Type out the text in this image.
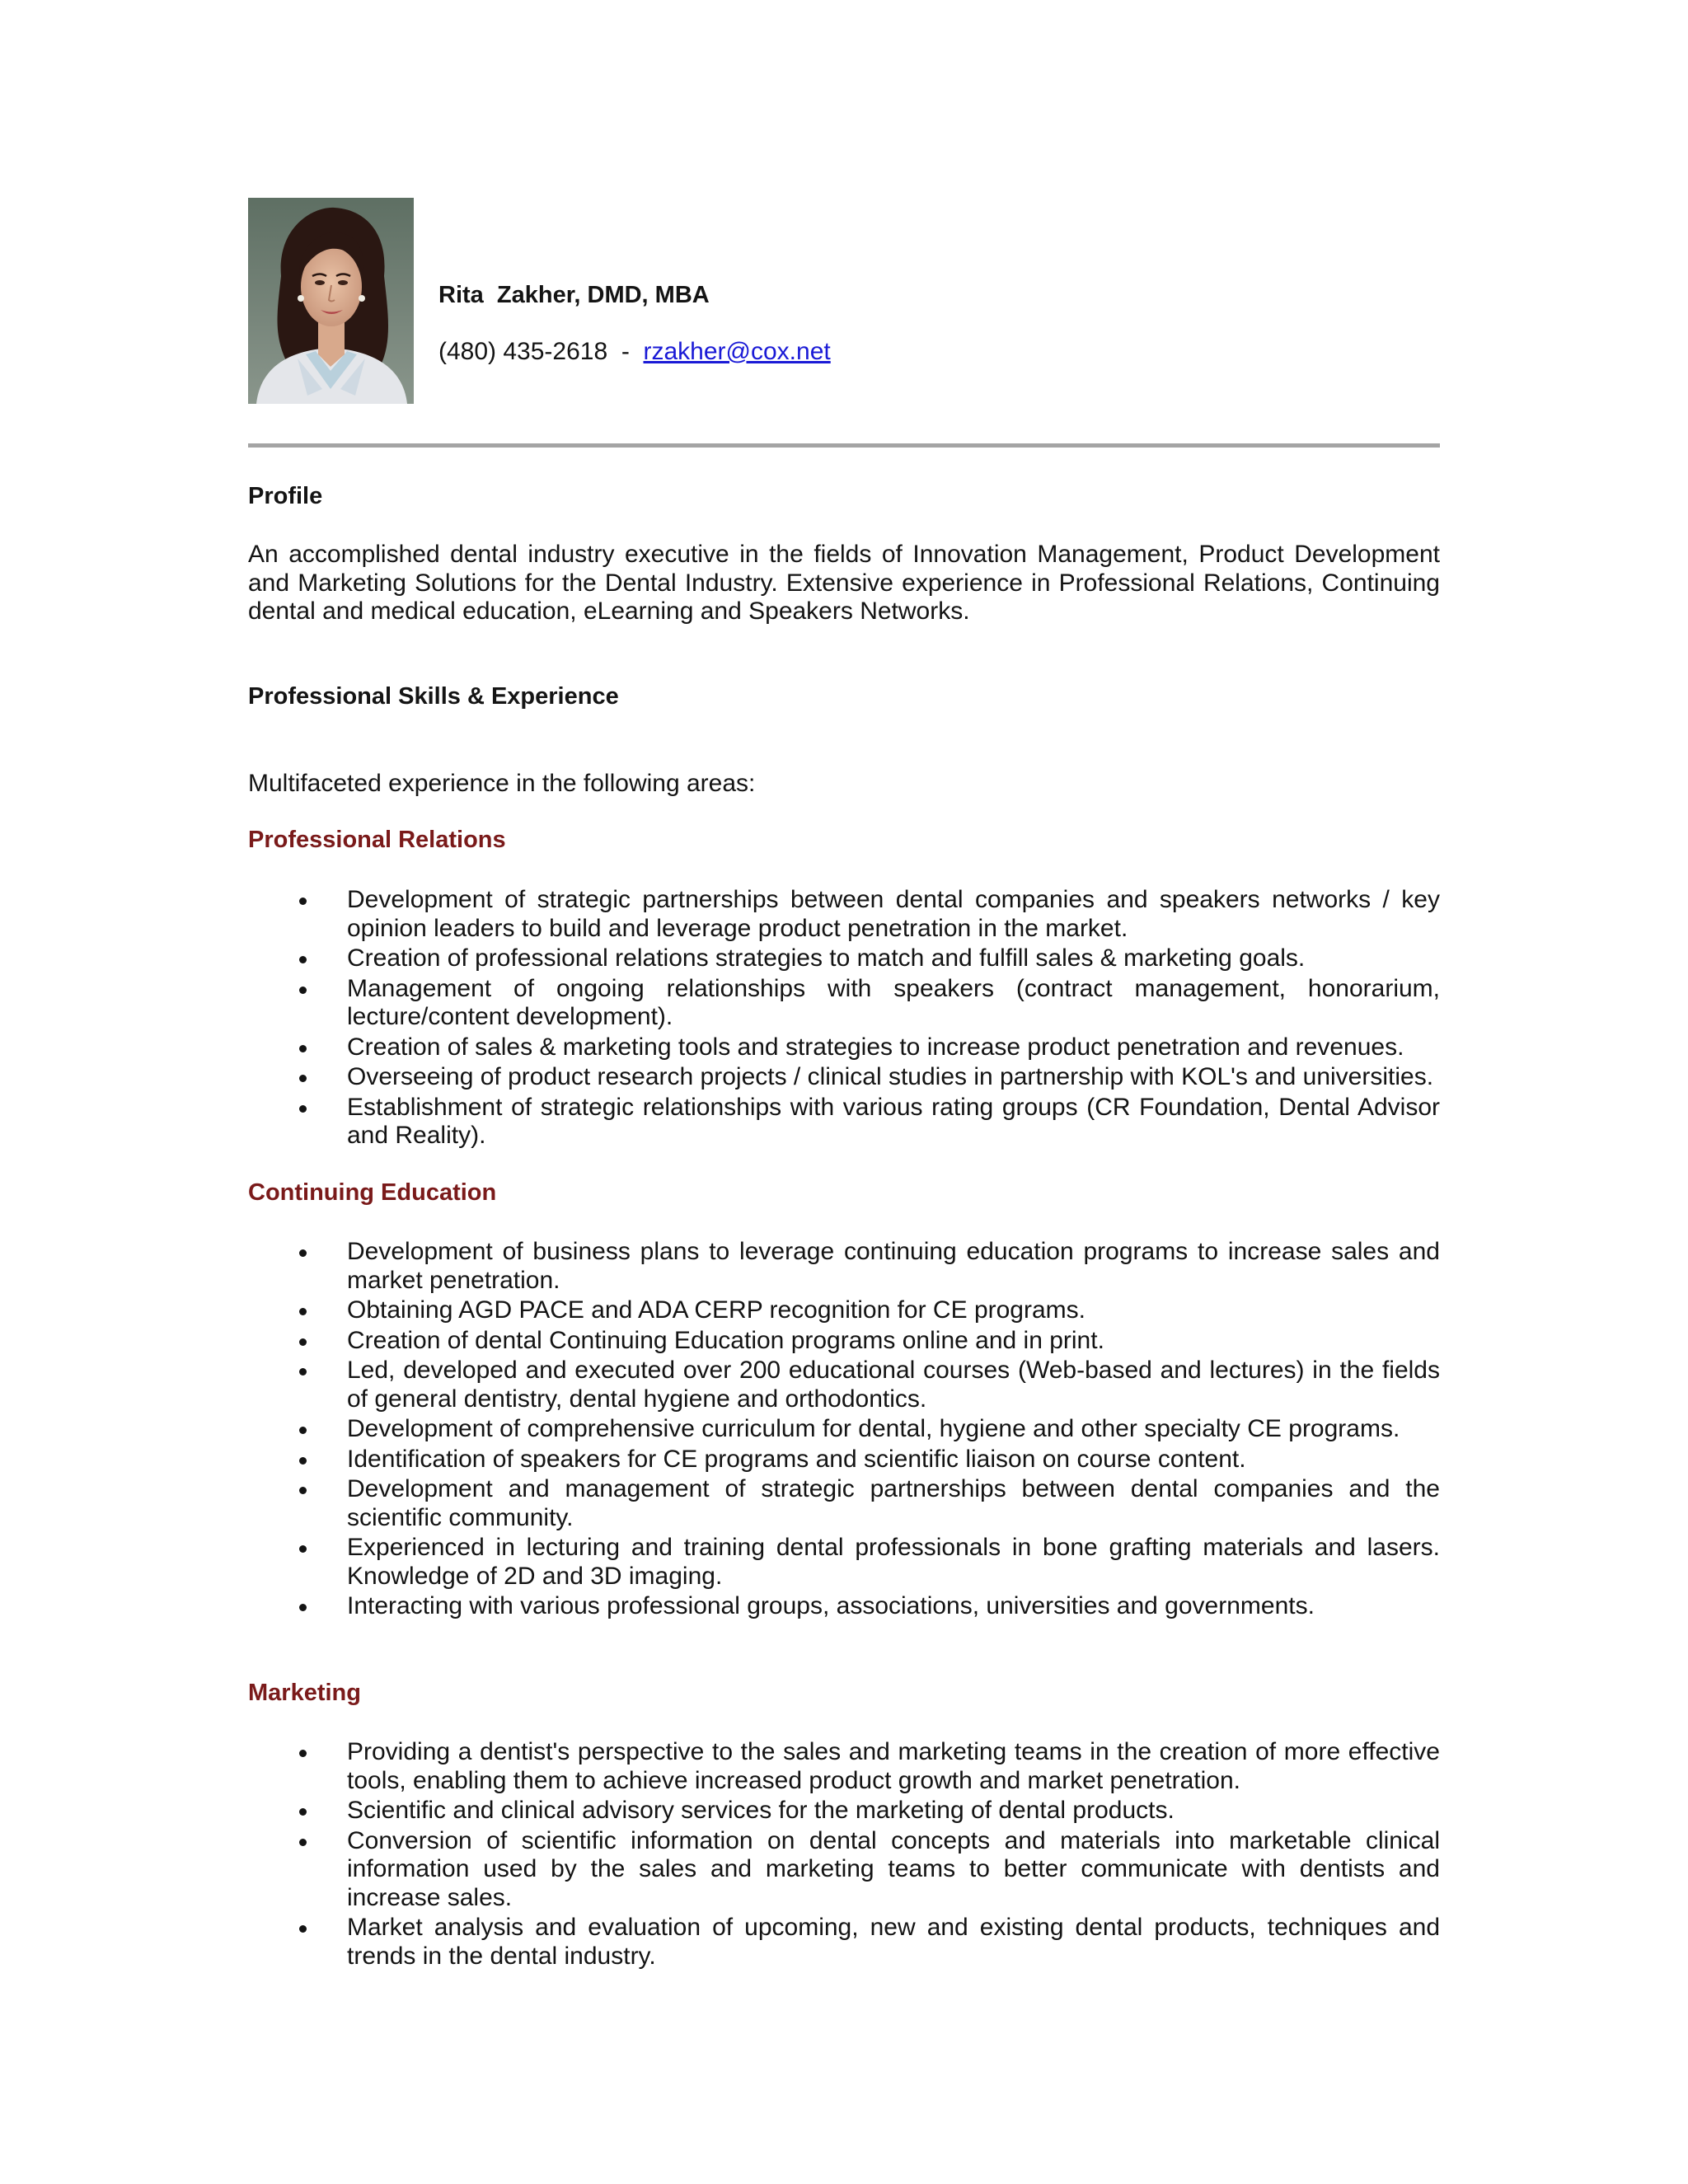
Rita  Zakher, DMD, MBA
(480) 435-2618  -  rzakher@cox.net
Profile
An accomplished dental industry executive in the fields of Innovation Management, Product Development and Marketing Solutions for the Dental Industry. Extensive experience in Professional Relations, Continuing dental and medical education, eLearning and Speakers Networks.
Professional Skills & Experience
Multifaceted experience in the following areas:
Professional Relations
Development of strategic partnerships between dental companies and speakers networks / key opinion leaders to build and leverage product penetration in the market.
Creation of professional relations strategies to match and fulfill sales & marketing goals.
Management of ongoing relationships with speakers (contract management, honorarium, lecture/content development).
Creation of sales & marketing tools and strategies to increase product penetration and revenues.
Overseeing of product research projects / clinical studies in partnership with KOL's and universities.
Establishment of strategic relationships with various rating groups (CR Foundation, Dental Advisor and Reality).
Continuing Education
Development of business plans to leverage continuing education programs to increase sales and market penetration.
Obtaining AGD PACE and ADA CERP recognition for CE programs.
Creation of dental Continuing Education programs online and in print.
Led, developed and executed over 200 educational courses (Web-based and lectures) in the fields of general dentistry, dental hygiene and orthodontics.
Development of comprehensive curriculum for dental, hygiene and other specialty CE programs.
Identification of speakers for CE programs and scientific liaison on course content.
Development and management of strategic partnerships between dental companies and the scientific community.
Experienced in lecturing and training dental professionals in bone grafting materials and lasers. Knowledge of 2D and 3D imaging.
Interacting with various professional groups, associations, universities and governments.
Marketing
Providing a dentist's perspective to the sales and marketing teams in the creation of more effective tools, enabling them to achieve increased product growth and market penetration.
Scientific and clinical advisory services for the marketing of dental products.
Conversion of scientific information on dental concepts and materials into marketable clinical information used by the sales and marketing teams to better communicate with dentists and increase sales.
Market analysis and evaluation of upcoming, new and existing dental products, techniques and trends in the dental industry.
